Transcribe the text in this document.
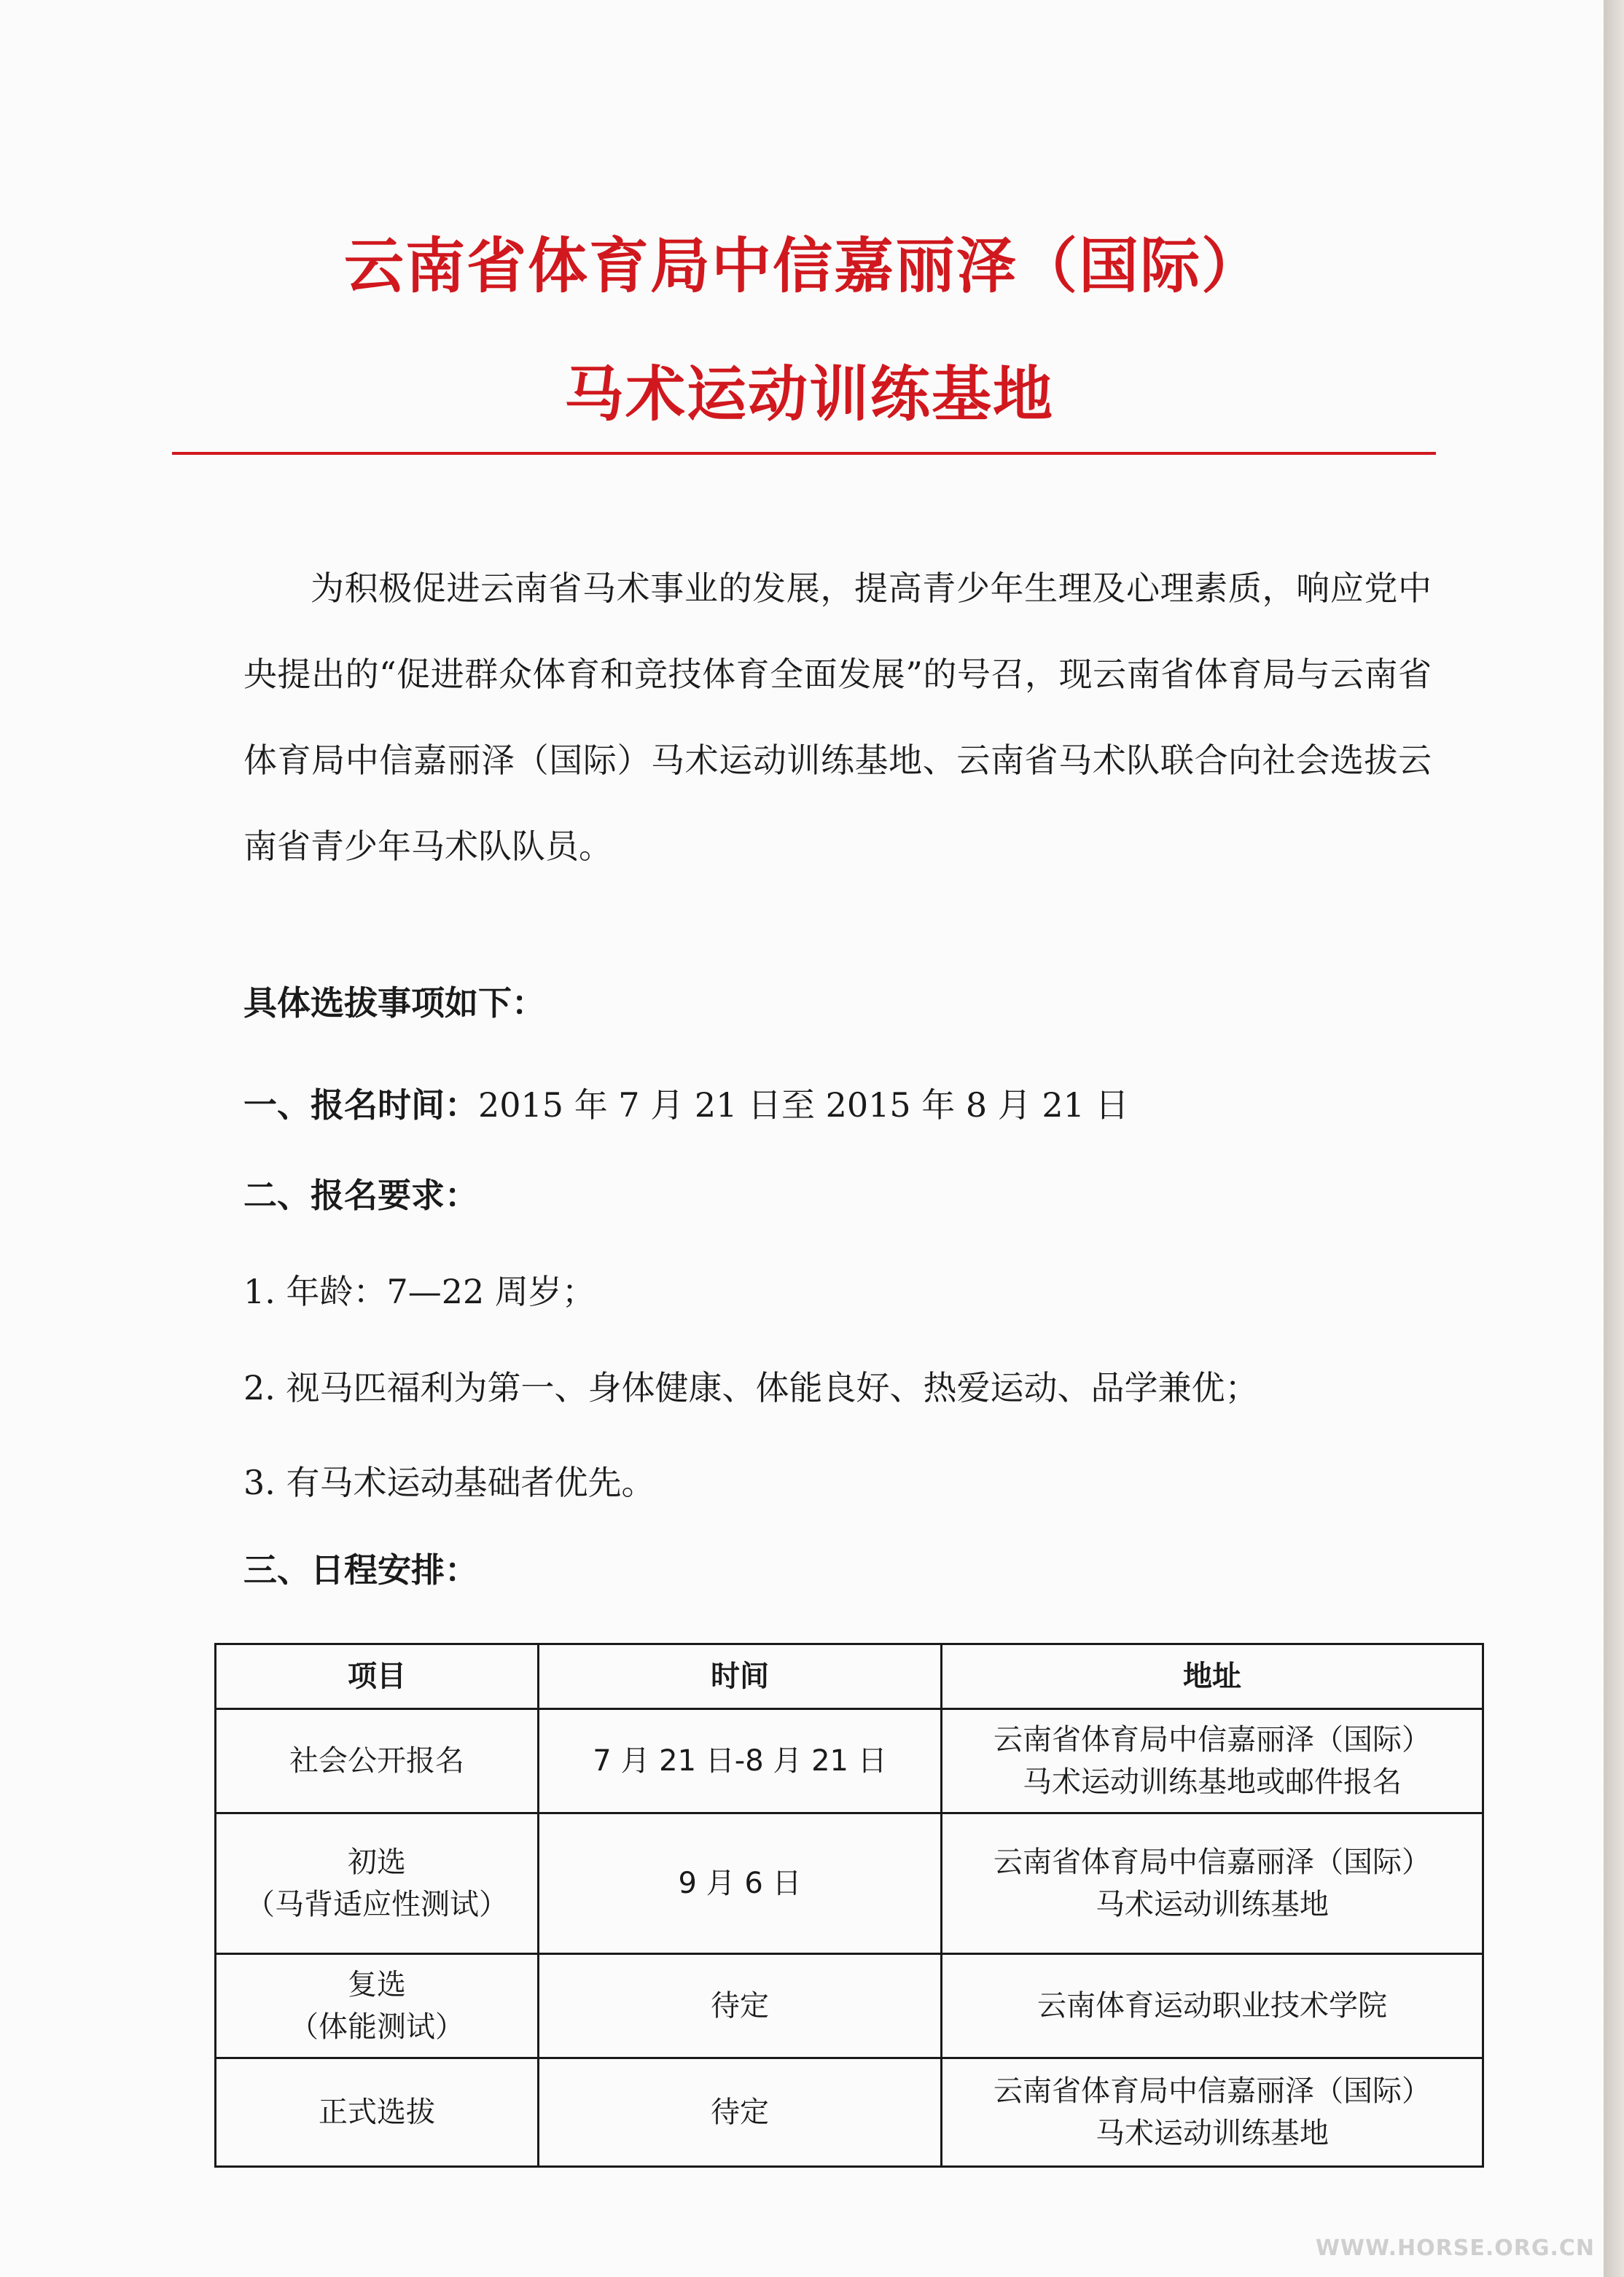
云南省体育局中信嘉丽泽（国际）
马术运动训练基地

为积极促进云南省马术事业的发展，提高青少年生理及心理素质，响应党中央提出的“促进群众体育和竞技体育全面发展”的号召，现云南省体育局与云南省体育局中信嘉丽泽（国际）马术运动训练基地、云南省马术队联合向社会选拔云南省青少年马术队队员。

具体选拔事项如下：

一、报名时间：2015 年 7 月 21 日至 2015 年 8 月 21 日

二、报名要求：

1. 年龄：7—22 周岁；

2. 视马匹福利为第一、身体健康、体能良好、热爱运动、品学兼优；

3. 有马术运动基础者优先。

三、日程安排：

项目	时间	地址

社会公开报名	7 月 21 日-8 月 21 日	云南省体育局中信嘉丽泽（国际）
马术运动训练基地或邮件报名

初选
（马背适应性测试）	9 月 6 日	云南省体育局中信嘉丽泽（国际）
马术运动训练基地

复选
（体能测试）	待定	云南体育运动职业技术学院

正式选拔	待定	云南省体育局中信嘉丽泽（国际）
马术运动训练基地
WWW.HORSE.ORG.CN
